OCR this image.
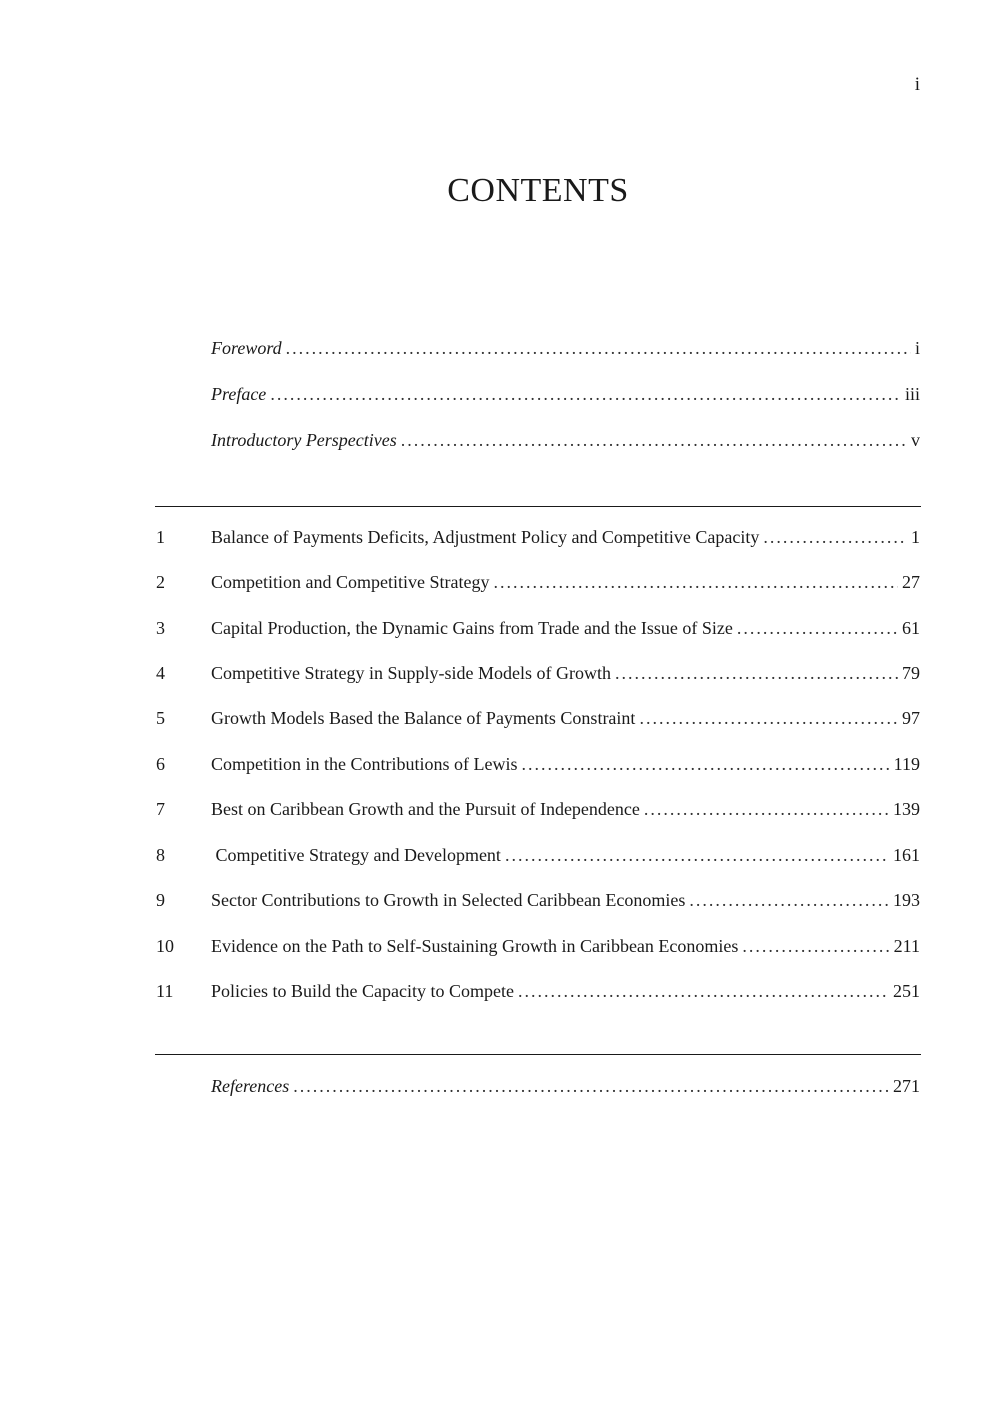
i
CONTENTS
Foreword .....	i
Preface .....	iii
Introductory Perspectives .....	v
1	Balance of Payments Deficits, Adjustment Policy and Competitive Capacity .....	1
2	Competition and Competitive Strategy .....	27
3	Capital Production, the Dynamic Gains from Trade and the Issue of Size .....	61
4	Competitive Strategy in Supply-side Models of Growth .....	79
5	Growth Models Based the Balance of Payments Constraint .....	97
6	Competition in the Contributions of Lewis .....	119
7	Best on Caribbean Growth and the Pursuit of Independence .....	139
8	Competitive Strategy and Development .....	161
9	Sector Contributions to Growth in Selected Caribbean Economies .....	193
10	Evidence on the Path to Self-Sustaining Growth in Caribbean Economies .....	211
11	Policies to Build the Capacity to Compete .....	251
References .....	271
